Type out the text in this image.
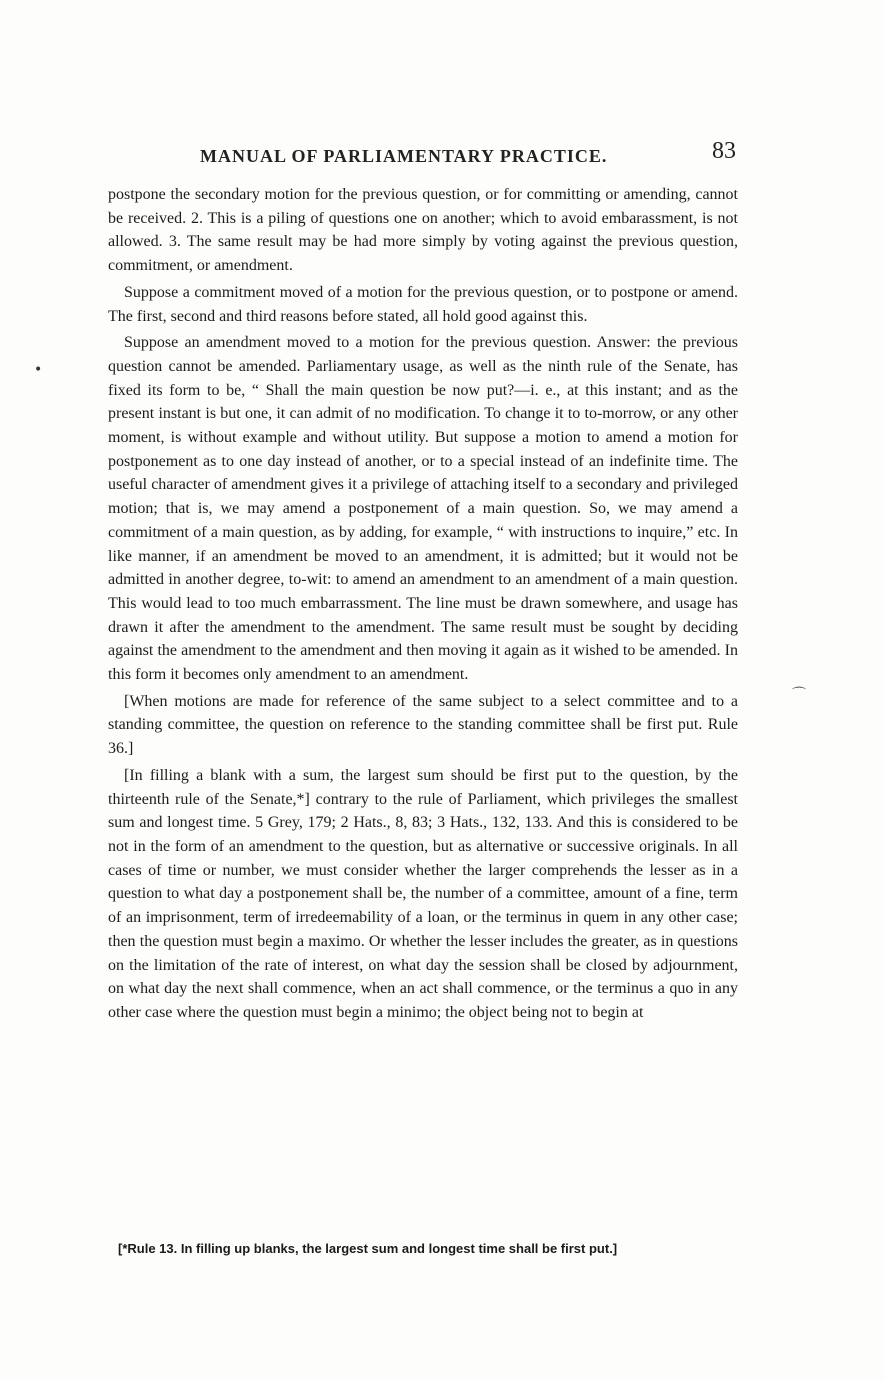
MANUAL OF PARLIAMENTARY PRACTICE.	83

postpone the secondary motion for the previous question, or for committing or amending, cannot be received. 2. This is a piling of questions one on another; which to avoid embarassment, is not allowed. 3. The same result may be had more simply by voting against the previous question, commitment, or amendment.

Suppose a commitment moved of a motion for the previous question, or to postpone or amend. The first, second and third reasons before stated, all hold good against this.

Suppose an amendment moved to a motion for the previous question. Answer: the previous question cannot be amended. Parliamentary usage, as well as the ninth rule of the Senate, has fixed its form to be, “ Shall the main question be now put?—i. e., at this instant; and as the present instant is but one, it can admit of no modification. To change it to to-morrow, or any other moment, is without example and without utility. But suppose a motion to amend a motion for postponement as to one day instead of another, or to a special instead of an indefinite time. The useful character of amendment gives it a privilege of attaching itself to a secondary and privileged motion; that is, we may amend a postponement of a main question. So, we may amend a commitment of a main question, as by adding, for example, “ with instructions to inquire,” etc. In like manner, if an amendment be moved to an amendment, it is admitted; but it would not be admitted in another degree, to-wit: to amend an amendment to an amendment of a main question. This would lead to too much embarrassment. The line must be drawn somewhere, and usage has drawn it after the amendment to the amendment. The same result must be sought by deciding against the amendment to the amendment and then moving it again as it wished to be amended. In this form it becomes only amendment to an amendment.

[When motions are made for reference of the same subject to a select committee and to a standing committee, the question on reference to the standing committee shall be first put. Rule 36.]

[In filling a blank with a sum, the largest sum should be first put to the question, by the thirteenth rule of the Senate,*] contrary to the rule of Parliament, which privileges the smallest sum and longest time. 5 Grey, 179; 2 Hats., 8, 83; 3 Hats., 132, 133. And this is considered to be not in the form of an amendment to the question, but as alternative or successive originals. In all cases of time or number, we must consider whether the larger comprehends the lesser as in a question to what day a postponement shall be, the number of a committee, amount of a fine, term of an imprisonment, term of irredeemability of a loan, or the terminus in quem in any other case; then the question must begin a maximo. Or whether the lesser includes the greater, as in questions on the limitation of the rate of interest, on what day the session shall be closed by adjournment, on what day the next shall commence, when an act shall commence, or the terminus a quo in any other case where the question must begin a minimo; the object being not to begin at

[*Rule 13. In filling up blanks, the largest sum and longest time shall be first put.]
•
⌒
